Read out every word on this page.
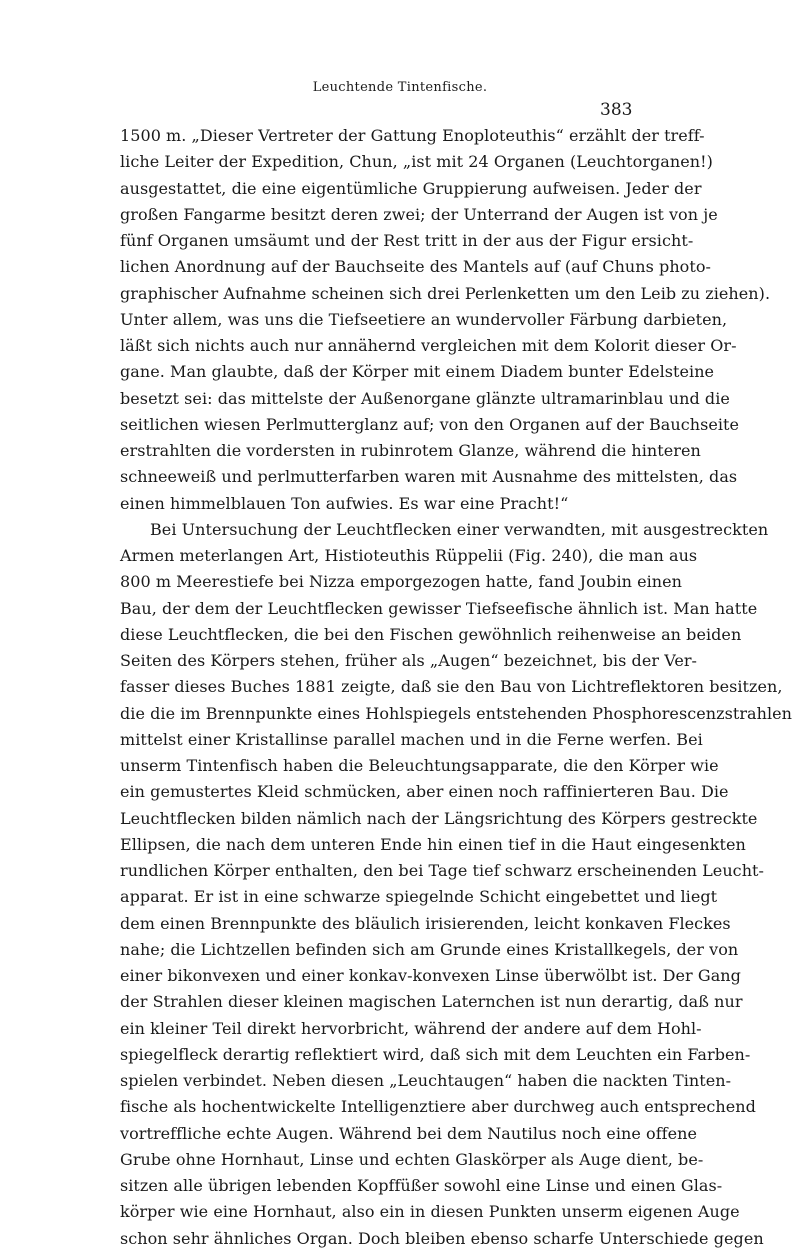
Leuchtende Tintenfische.
383
1500 m. „Dieser Vertreter der Gattung Enoploteuthis“ erzählt der treff-
liche Leiter der Expedition, Chun, „ist mit 24 Organen (Leuchtorganen!)
ausgestattet, die eine eigentümliche Gruppierung aufweisen. Jeder der
großen Fangarme besitzt deren zwei; der Unterrand der Augen ist von je
fünf Organen umsäumt und der Rest tritt in der aus der Figur ersicht-
lichen Anordnung auf der Bauchseite des Mantels auf (auf Chuns photo-
graphischer Aufnahme scheinen sich drei Perlenketten um den Leib zu ziehen).
Unter allem, was uns die Tiefseetiere an wundervoller Färbung darbieten,
läßt sich nichts auch nur annähernd vergleichen mit dem Kolorit dieser Or-
gane. Man glaubte, daß der Körper mit einem Diadem bunter Edelsteine
besetzt sei: das mittelste der Außenorgane glänzte ultramarinblau und die
seitlichen wiesen Perlmutterglanz auf; von den Organen auf der Bauchseite
erstrahlten die vordersten in rubinrotem Glanze, während die hinteren
schneeweiß und perlmutterfarben waren mit Ausnahme des mittelsten, das
einen himmelblauen Ton aufwies. Es war eine Pracht!“
Bei Untersuchung der Leuchtflecken einer verwandten, mit ausgestreckten
Armen meterlangen Art, Histioteuthis Rüppelii (Fig. 240), die man aus
800 m Meerestiefe bei Nizza emporgezogen hatte, fand Joubin einen
Bau, der dem der Leuchtflecken gewisser Tiefseefische ähnlich ist. Man hatte
diese Leuchtflecken, die bei den Fischen gewöhnlich reihenweise an beiden
Seiten des Körpers stehen, früher als „Augen“ bezeichnet, bis der Ver-
fasser dieses Buches 1881 zeigte, daß sie den Bau von Lichtreflektoren besitzen,
die die im Brennpunkte eines Hohlspiegels entstehenden Phosphorescenzstrahlen
mittelst einer Kristallinse parallel machen und in die Ferne werfen. Bei
unserm Tintenfisch haben die Beleuchtungsapparate, die den Körper wie
ein gemustertes Kleid schmücken, aber einen noch raffinierteren Bau. Die
Leuchtflecken bilden nämlich nach der Längsrichtung des Körpers gestreckte
Ellipsen, die nach dem unteren Ende hin einen tief in die Haut eingesenkten
rundlichen Körper enthalten, den bei Tage tief schwarz erscheinenden Leucht-
apparat. Er ist in eine schwarze spiegelnde Schicht eingebettet und liegt
dem einen Brennpunkte des bläulich irisierenden, leicht konkaven Fleckes
nahe; die Lichtzellen befinden sich am Grunde eines Kristallkegels, der von
einer bikonvexen und einer konkav-konvexen Linse überwölbt ist. Der Gang
der Strahlen dieser kleinen magischen Laternchen ist nun derartig, daß nur
ein kleiner Teil direkt hervorbricht, während der andere auf dem Hohl-
spiegelfleck derartig reflektiert wird, daß sich mit dem Leuchten ein Farben-
spielen verbindet. Neben diesen „Leuchtaugen“ haben die nackten Tinten-
fische als hochentwickelte Intelligenztiere aber durchweg auch entsprechend
vortreffliche echte Augen. Während bei dem Nautilus noch eine offene
Grube ohne Hornhaut, Linse und echten Glaskörper als Auge dient, be-
sitzen alle übrigen lebenden Kopffüßer sowohl eine Linse und einen Glas-
körper wie eine Hornhaut, also ein in diesen Punkten unserm eigenen Auge
schon sehr ähnliches Organ. Doch bleiben ebenso scharfe Unterschiede gegen
